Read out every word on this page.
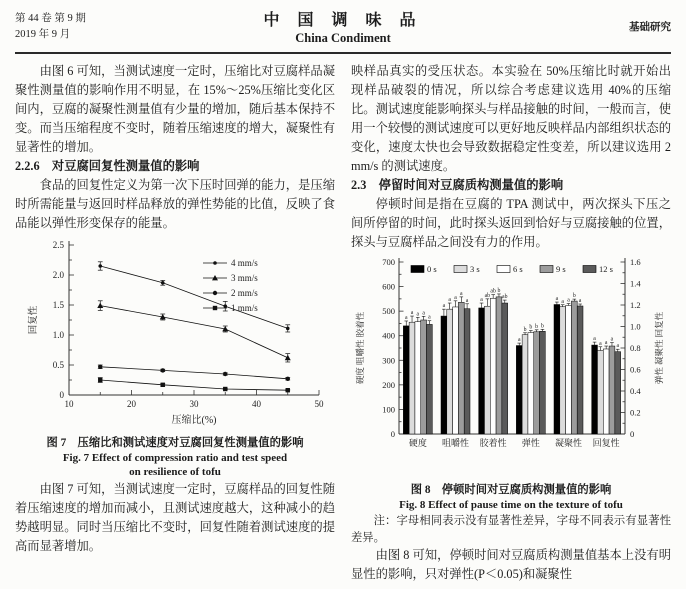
第 44 卷 第 9 期
2019 年 9 月
中 国 调 味 品
China Condiment
基础研究

由图 6 可知，当测试速度一定时，压缩比对豆腐样品凝聚性测量值的影响作用不明显，在 15%～25%压缩比变化区间内，豆腐的凝聚性测量值有少量的增加，随后基本保持不变。而当压缩程度不变时，随着压缩速度的增大，凝聚性有显著性的增加。

2.2.6　对豆腐回复性测量值的影响

食品的回复性定义为第一次下压时回弹的能力，是压缩时所需能量与返回时样品释放的弹性势能的比值，反映了食品能以弹性形变保存的能量。

0
0.5
1.0
1.5
2.0
2.5
10	20	30	40	50
回复性
压缩比(%)
4 mm/s
3 mm/s
2 mm/s
1 mm/s
图 7　压缩比和测试速度对豆腐回复性测量值的影响
Fig. 7 Effect of compression ratio and test speed
on resilience of tofu

由图 7 可知，当测试速度一定时，豆腐样品的回复性随着压缩速度的增加而减小，且测试速度越大，这种减小的趋势越明显。同时当压缩比不变时，回复性随着测试速度的提高而显著增加。

映样品真实的受压状态。本实验在 50%压缩比时就开始出现样品破裂的情况，所以综合考虑建议选用 40%的压缩比。测试速度能影响探头与样品接触的时间，一般而言，使用一个较慢的测试速度可以更好地反映样品内部组织状态的变化，速度太快也会导致数据稳定性变差，所以建议选用 2 mm/s 的测试速度。

2.3　停留时间对豆腐质构测量值的影响

停顿时间是指在豆腐的 TPA 测试中，两次探头下压之间所停留的时间，此时探头返回到恰好与豆腐接触的位置，探头与豆腐样品之间没有力的作用。

0
100
200
300
400
500
600
700
0
0.2
0.4
0.6
0.8
1.0
1.2
1.4
1.6
硬度 咀嚼性 胶着性	弹性 凝聚性 回复性
a
a a a
a
硬度
a
a a
a
a
咀嚼性
a
ab
ab b
ab
胶着性
a
b b b b
弹性
a a a
b
a
凝聚性
a
a a
a
a
回复性
0 s	3 s	6 s	9 s	12 s
图 8　停顿时间对豆腐质构测量值的影响
Fig. 8 Effect of pause time on the texture of tofu

注：字母相同表示没有显著性差异，字母不同表示有显著性差异。

由图 8 可知，停顿时间对豆腐质构测量值基本上没有明显性的影响，只对弹性(P＜0.05)和凝聚性
